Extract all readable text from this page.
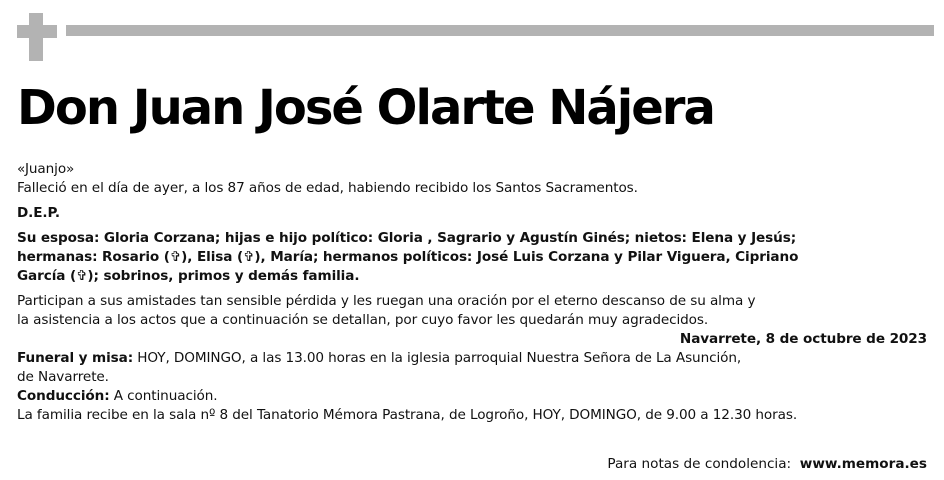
Don Juan José Olarte Nájera

«Juanjo»

Falleció en el día de ayer, a los 87 años de edad, habiendo recibido los Santos Sacramentos.

D.E.P.

Su esposa: Gloria Corzana; hijas e hijo político: Gloria , Sagrario y Agustín Ginés; nietos: Elena y Jesús;
hermanas: Rosario (✞), Elisa (✞), María; hermanos políticos: José Luis Corzana y Pilar Viguera, Cipriano
García (✞); sobrinos, primos y demás familia.

Participan a sus amistades tan sensible pérdida y les ruegan una oración por el eterno descanso de su alma y
la asistencia a los actos que a continuación se detallan, por cuyo favor les quedarán muy agradecidos.

Navarrete, 8 de octubre de 2023

Funeral y misa: HOY, DOMINGO, a las 13.00 horas en la iglesia parroquial Nuestra Señora de La Asunción,
de Navarrete.

Conducción: A continuación.

La familia recibe en la sala nº 8 del Tanatorio Mémora Pastrana, de Logroño, HOY, DOMINGO, de 9.00 a 12.30 horas.

Para notas de condolencia: www.memora.es
